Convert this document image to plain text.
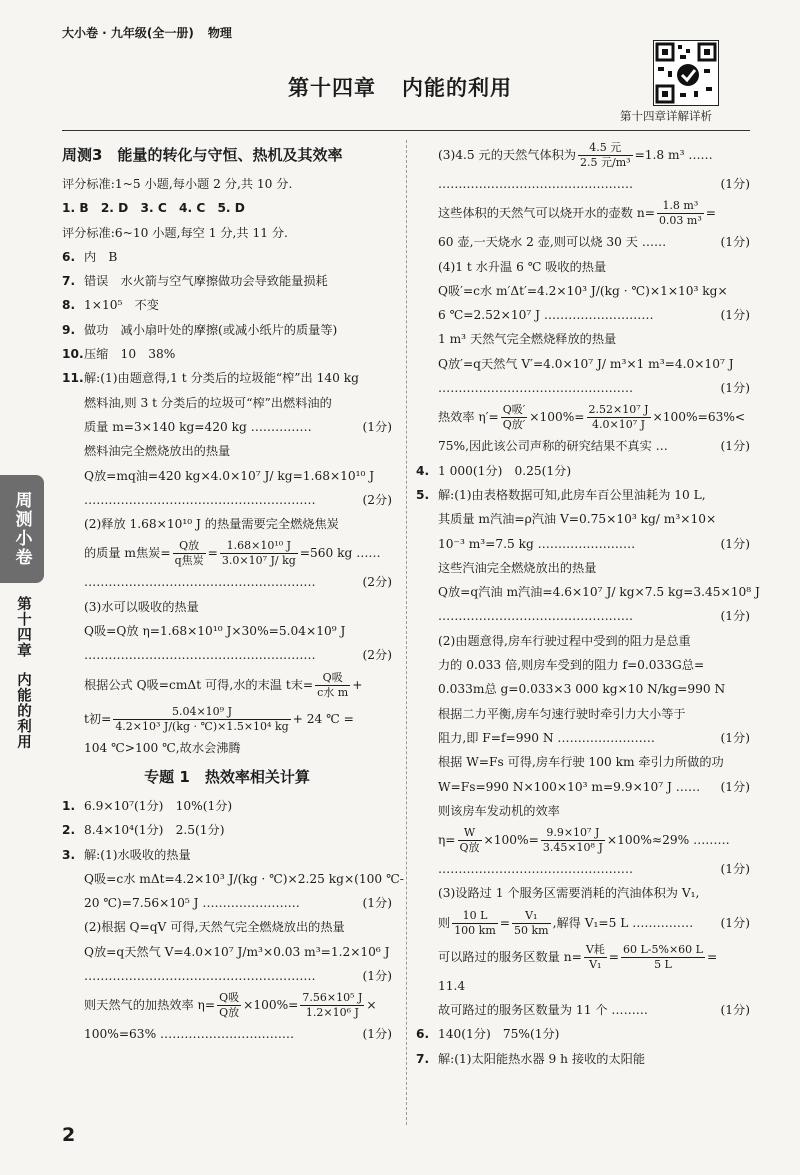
大小卷 · 九年级(全一册) 物理
第十四章 内能的利用
第十四章详解详析
周测小卷
第十四章内能的利用
2
周测3　能量的转化与守恒、热机及其效率
评分标准:1~5 小题,每小题 2 分,共 10 分.
1. B　2. D　3. C　4. C　5. D
评分标准:6~10 小题,每空 1 分,共 11 分.
6. 内　B
7. 错误　水火箭与空气摩擦做功会导致能量损耗
8. 1×10⁵　不变
9. 做功　减小扇叶处的摩擦(或减小纸片的质量等)
10.压缩　10　38%
11.解:(1)由题意得,1 t 分类后的垃圾能“榨”出 140 kg
燃料油,则 3 t 分类后的垃圾可“榨”出燃料油的
质量 m=3×140 kg=420 kg ……………	(1分)
燃料油完全燃烧放出的热量
Q放=mq油=420 kg×4.0×10⁷ J/ kg=1.68×10¹⁰ J
…………………………………………………	(2分)
(2)释放 1.68×10¹⁰ J 的热量需要完全燃烧焦炭
的质量 m焦炭= $\frac{\text{Q放}}{\text{q焦炭}} = \frac{\text{1.68×10¹⁰ J}}{\text{3.0×10⁷ J/ kg}} =560$ kg ……
…………………………………………………	(2分)
(3)水可以吸收的热量
Q吸=Q放 η=1.68×10¹⁰ J×30%=5.04×10⁹ J
…………………………………………………	(2分)
根据公式 Q吸=cmΔt 可得,水的末温 t末= $\frac{\text{Q吸}}{\text{c水 m}}$ +
t初= $\frac{\text{5.04×10⁹ J}}{\text{4.2×10³ J/(kg · ℃)×1.5×10⁴ kg}} + 24$ ℃ =
104 ℃>100 ℃,故水会沸腾
专题 1　热效率相关计算
1. 6.9×10⁷(1分)　10%(1分)
2. 8.4×10⁴(1分)　2.5(1分)
3. 解:(1)水吸收的热量
Q吸=c水 mΔt=4.2×10³ J/(kg · ℃)×2.25 kg×(100 ℃-
20 ℃)=7.56×10⁵ J ……………………	(1分)
(2)根据 Q=qV 可得,天然气完全燃烧放出的热量
Q放=q天然气 V=4.0×10⁷ J/m³×0.03 m³=1.2×10⁶ J
…………………………………………………	(1分)
则天然气的加热效率 $\eta= \frac{\text{Q吸}}{\text{Q放}} \times 100\%= \frac{\text{7.56×10⁵ J}}{\text{1.2×10⁶ J}}$ ×
100%=63% ……………………………	(1分)
(3)4.5 元的天然气体积为 $\frac{\text{4.5 元}}{\text{2.5 元/m³}} =1.8$ m³ ……
…………………………………………	(1分)
这些体积的天然气可以烧开水的壶数 $n= \frac{\text{1.8 m³}}{\text{0.03 m³}}$ =
60 壶,一天烧水 2 壶,则可以烧 30 天 ……	(1分)
(4)1 t 水升温 6 ℃ 吸收的热量
Q吸′=c水 m′Δt′=4.2×10³ J/(kg · ℃)×1×10³ kg×
6 ℃=2.52×10⁷ J ………………………	(1分)
1 m³ 天然气完全燃烧释放的热量
Q放′=q天然气 V′=4.0×10⁷ J/ m³×1 m³=4.0×10⁷ J
…………………………………………	(1分)
热效率 $\eta'= \frac{\text{Q吸′}}{\text{Q放′}} \times 100\%= \frac{\text{2.52×10⁷ J}}{\text{4.0×10⁷ J}} \times 100\%=63\%<$
75%,因此该公司声称的研究结果不真实 …	(1分)
4. 1 000(1分)　0.25(1分)
5. 解:(1)由表格数据可知,此房车百公里油耗为 10 L,
其质量 m汽油=ρ汽油 V=0.75×10³ kg/ m³×10×
10⁻³ m³=7.5 kg ……………………	(1分)
这些汽油完全燃烧放出的热量
Q放=q汽油 m汽油=4.6×10⁷ J/ kg×7.5 kg=3.45×10⁸ J
…………………………………………	(1分)
(2)由题意得,房车行驶过程中受到的阻力是总重
力的 0.033 倍,则房车受到的阻力 f=0.033G总=
0.033m总 g=0.033×3 000 kg×10 N/kg=990 N
根据二力平衡,房车匀速行驶时牵引力大小等于
阻力,即 F=f=990 N ……………………	(1分)
根据 W=Fs 可得,房车行驶 100 km 牵引力所做的功
W=Fs=990 N×100×10³ m=9.9×10⁷ J …… (1分)
则该房车发动机的效率
$\eta= \frac{W}{\text{Q放}} \times 100\%= \frac{\text{9.9×10⁷ J}}{\text{3.45×10⁸ J}} \times 100\%\approx 29\%$ ………
…………………………………………	(1分)
(3)设路过 1 个服务区需要消耗的汽油体积为 V₁,
则 $\frac{10 L}{100 km} = \frac{\text{V₁}}{50 km}$ ,解得 V₁=5 L …………… (1分)
可以路过的服务区数量 $n= \frac{\text{V耗}}{\text{V₁}} = \frac{60 L-5\%\times 60 L}{5 L}$ =
11.4
故可路过的服务区数量为 11 个 ………	(1分)
6. 140(1分)　75%(1分)
7. 解:(1)太阳能热水器 9 h 接收的太阳能
